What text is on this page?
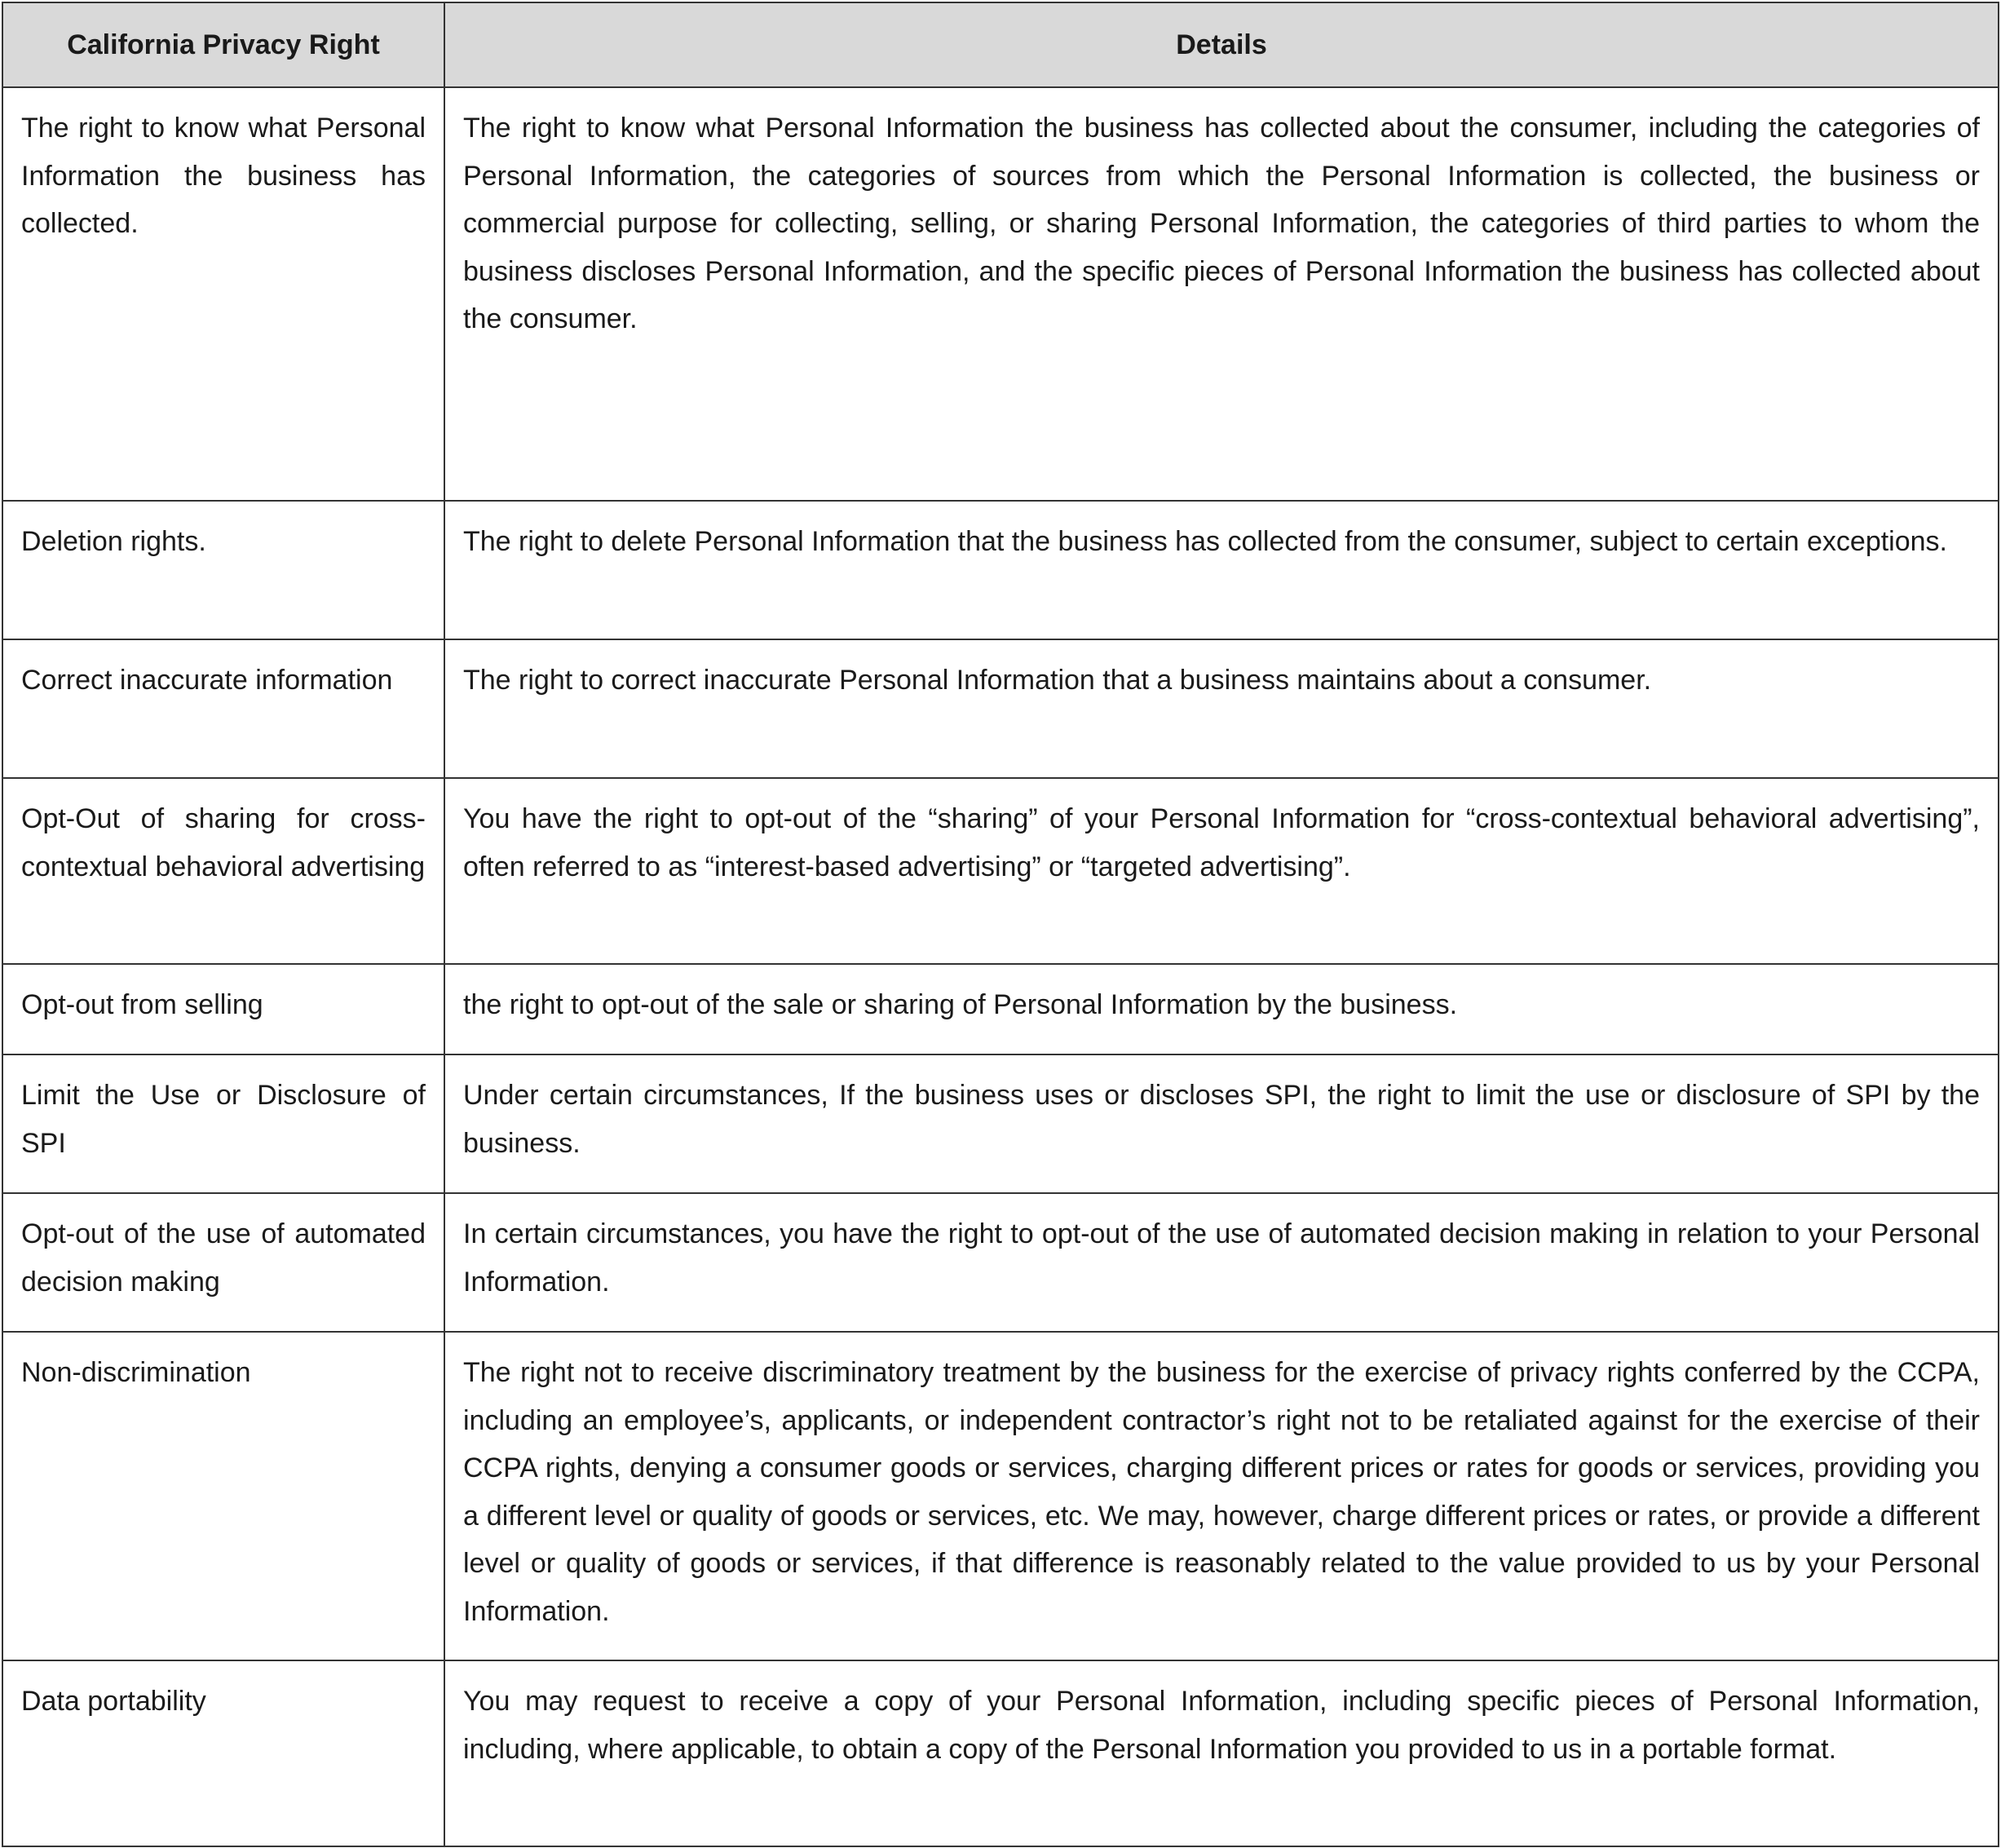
California Privacy Right	Details
The right to know what Personal Information the business has collected.	The right to know what Personal Information the business has collected about the consumer, including the categories of Personal Information, the categories of sources from which the Personal Information is collected, the business or commercial purpose for collecting, selling, or sharing Personal Information, the categories of third parties to whom the business discloses Personal Information, and the specific pieces of Personal Information the business has collected about the consumer.
Deletion rights.	The right to delete Personal Information that the business has collected from the consumer, subject to certain exceptions.
Correct inaccurate information	The right to correct inaccurate Personal Information that a business maintains about a consumer.
Opt-Out of sharing for cross-contextual behavioral advertising	You have the right to opt-out of the “sharing” of your Personal Information for “cross-contextual behavioral advertising”, often referred to as “interest-based advertising” or “targeted advertising”.
Opt-out from selling	the right to opt-out of the sale or sharing of Personal Information by the business.
Limit the Use or Disclosure of SPI	Under certain circumstances, If the business uses or discloses SPI, the right to limit the use or disclosure of SPI by the business.
Opt-out of the use of automated decision making	In certain circumstances, you have the right to opt-out of the use of automated decision making in relation to your Personal Information.
Non-discrimination	The right not to receive discriminatory treatment by the business for the exercise of privacy rights conferred by the CCPA, including an employee’s, applicants, or independent contractor’s right not to be retaliated against for the exercise of their CCPA rights, denying a consumer goods or services, charging different prices or rates for goods or services, providing you a different level or quality of goods or services, etc. We may, however, charge different prices or rates, or provide a different level or quality of goods or services, if that difference is reasonably related to the value provided to us by your Personal Information.
Data portability	You may request to receive a copy of your Personal Information, including specific pieces of Personal Information, including, where applicable, to obtain a copy of the Personal Information you provided to us in a portable format.
